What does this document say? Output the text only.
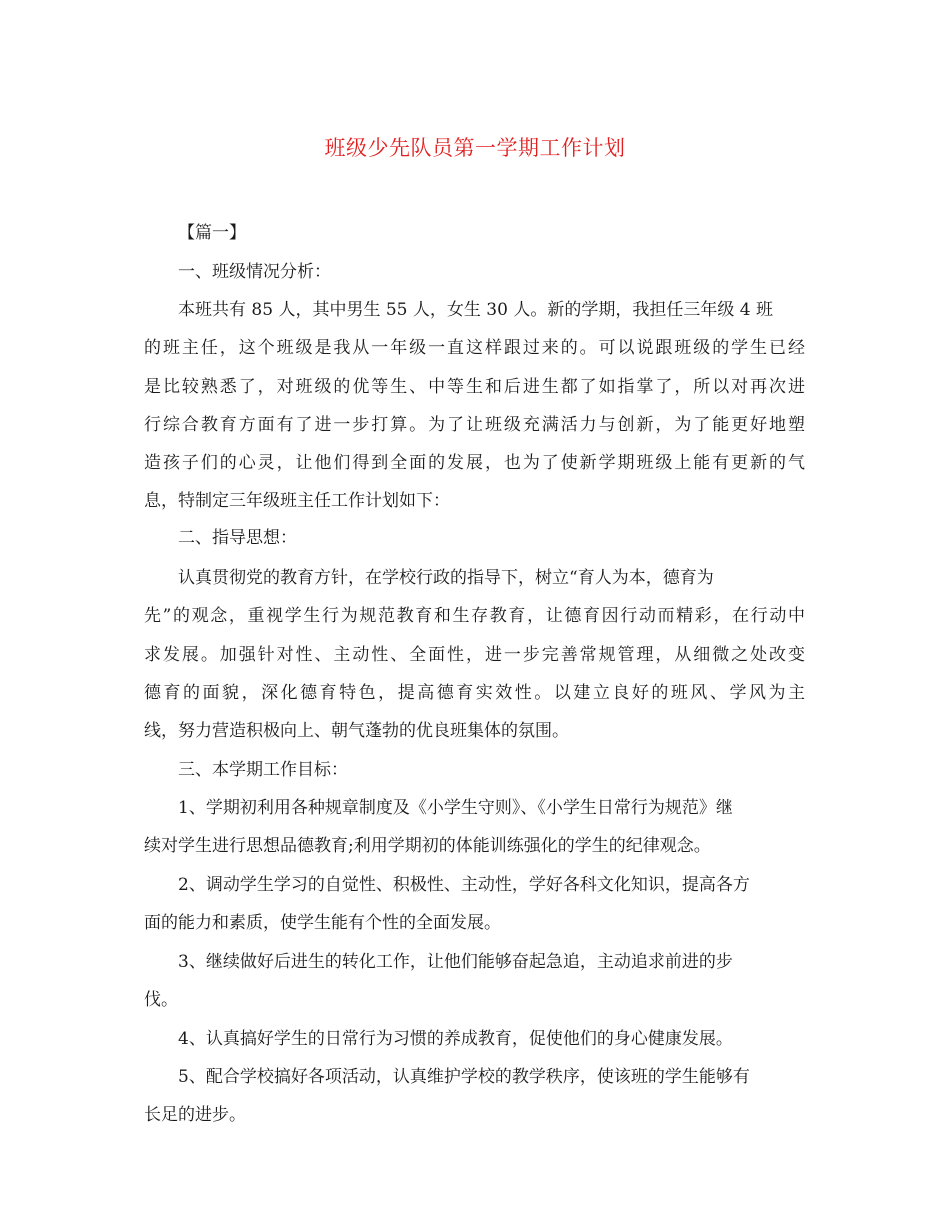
班级少先队员第一学期工作计划
【篇一】
一、班级情况分析：
本班共有 85 人，其中男生 55 人，女生 30 人。新的学期，我担任三年级 4 班
的班主任，这个班级是我从一年级一直这样跟过来的。可以说跟班级的学生已经
是比较熟悉了，对班级的优等生、中等生和后进生都了如指掌了，所以对再次进
行综合教育方面有了进一步打算。为了让班级充满活力与创新，为了能更好地塑
造孩子们的心灵，让他们得到全面的发展，也为了使新学期班级上能有更新的气
息，特制定三年级班主任工作计划如下：
二、指导思想：
认真贯彻党的教育方针，在学校行政的指导下，树立“育人为本，德育为
先”的观念，重视学生行为规范教育和生存教育，让德育因行动而精彩，在行动中
求发展。加强针对性、主动性、全面性，进一步完善常规管理，从细微之处改变
德育的面貌，深化德育特色，提高德育实效性。以建立良好的班风、学风为主
线，努力营造积极向上、朝气蓬勃的优良班集体的氛围。
三、本学期工作目标：
1、学期初利用各种规章制度及《小学生守则》、《小学生日常行为规范》继
续对学生进行思想品德教育;利用学期初的体能训练强化的学生的纪律观念。
2、调动学生学习的自觉性、积极性、主动性，学好各科文化知识，提高各方
面的能力和素质，使学生能有个性的全面发展。
3、继续做好后进生的转化工作，让他们能够奋起急追，主动追求前进的步
伐。
4、认真搞好学生的日常行为习惯的养成教育，促使他们的身心健康发展。
5、配合学校搞好各项活动，认真维护学校的教学秩序，使该班的学生能够有
长足的进步。
